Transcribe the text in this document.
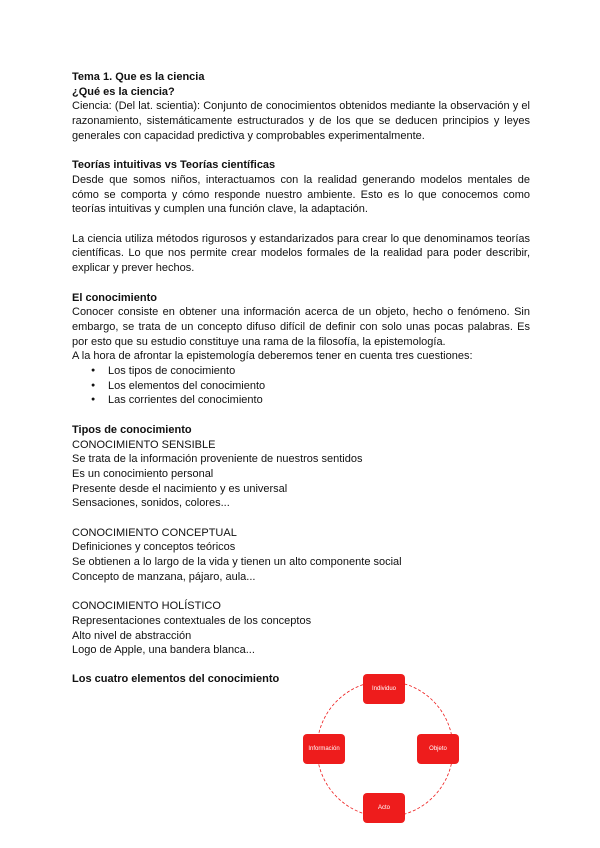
Tema 1. Que es la ciencia

¿Qué es la ciencia?

Ciencia: (Del lat. scientia): Conjunto de conocimientos obtenidos mediante la observación y el razonamiento, sistemáticamente estructurados y de los que se deducen principios y leyes generales con capacidad predictiva y comprobables experimentalmente.

Teorías intuitivas vs Teorías científicas

Desde que somos niños, interactuamos con la realidad generando modelos mentales de cómo se comporta y cómo responde nuestro ambiente. Esto es lo que conocemos como teorías intuitivas y cumplen una función clave, la adaptación.

La ciencia utiliza métodos rigurosos y estandarizados para crear lo que denominamos teorías científicas. Lo que nos permite crear modelos formales de la realidad para poder describir, explicar y prever hechos.

El conocimiento

Conocer consiste en obtener una información acerca de un objeto, hecho o fenómeno. Sin embargo, se trata de un concepto difuso difícil de definir con solo unas pocas palabras. Es por esto que su estudio constituye una rama de la filosofía, la epistemología.

A la hora de afrontar la epistemología deberemos tener en cuenta tres cuestiones:

● Los tipos de conocimiento
● Los elementos del conocimiento
● Las corrientes del conocimiento

Tipos de conocimiento

CONOCIMIENTO SENSIBLE

Se trata de la información proveniente de nuestros sentidos

Es un conocimiento personal

Presente desde el nacimiento y es universal

Sensaciones, sonidos, colores...

CONOCIMIENTO CONCEPTUAL

Definiciones y conceptos teóricos

Se obtienen a lo largo de la vida y tienen un alto componente social

Concepto de manzana, pájaro, aula...

CONOCIMIENTO HOLÍSTICO

Representaciones contextuales de los conceptos

Alto nivel de abstracción

Logo de Apple, una bandera blanca...

Los cuatro elementos del conocimiento
Individuo
Objeto
Acto
Información
